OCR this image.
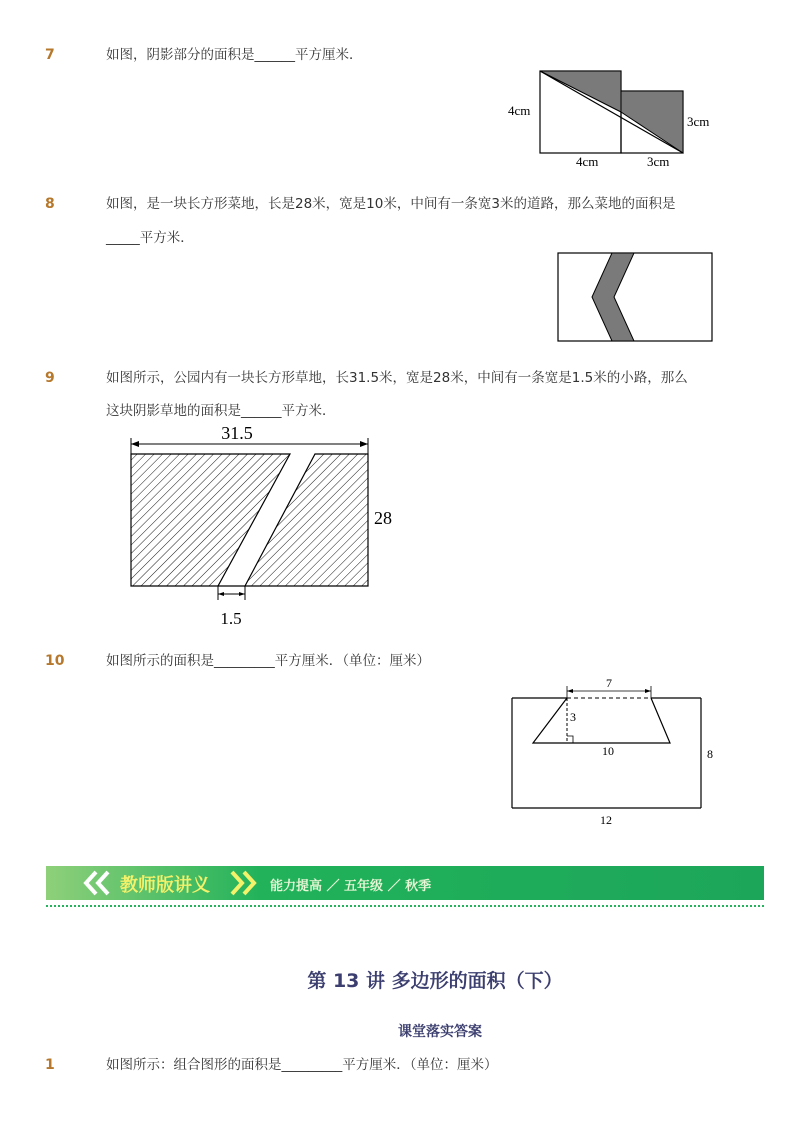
7	如图，阴影部分的面积是______平方厘米．
4cm
3cm
4cm	3cm
8	如图，是一块长方形菜地，长是28米，宽是10米，中间有一条宽3米的道路，那么菜地的面积是
_____平方米．
9	如图所示，公园内有一块长方形草地，长31.5米，宽是28米，中间有一条宽是1.5米的小路，那么
这块阴影草地的面积是______平方米．
31.5
28
1.5
10	如图所示的面积是_________平方厘米．（单位：厘米）
7
3
10	8
12
教师版讲义	能力提高 ／ 五年级 ／ 秋季
第 13 讲 多边形的面积（下）
课堂落实答案
1	如图所示：组合图形的面积是_________平方厘米．（单位：厘米）
